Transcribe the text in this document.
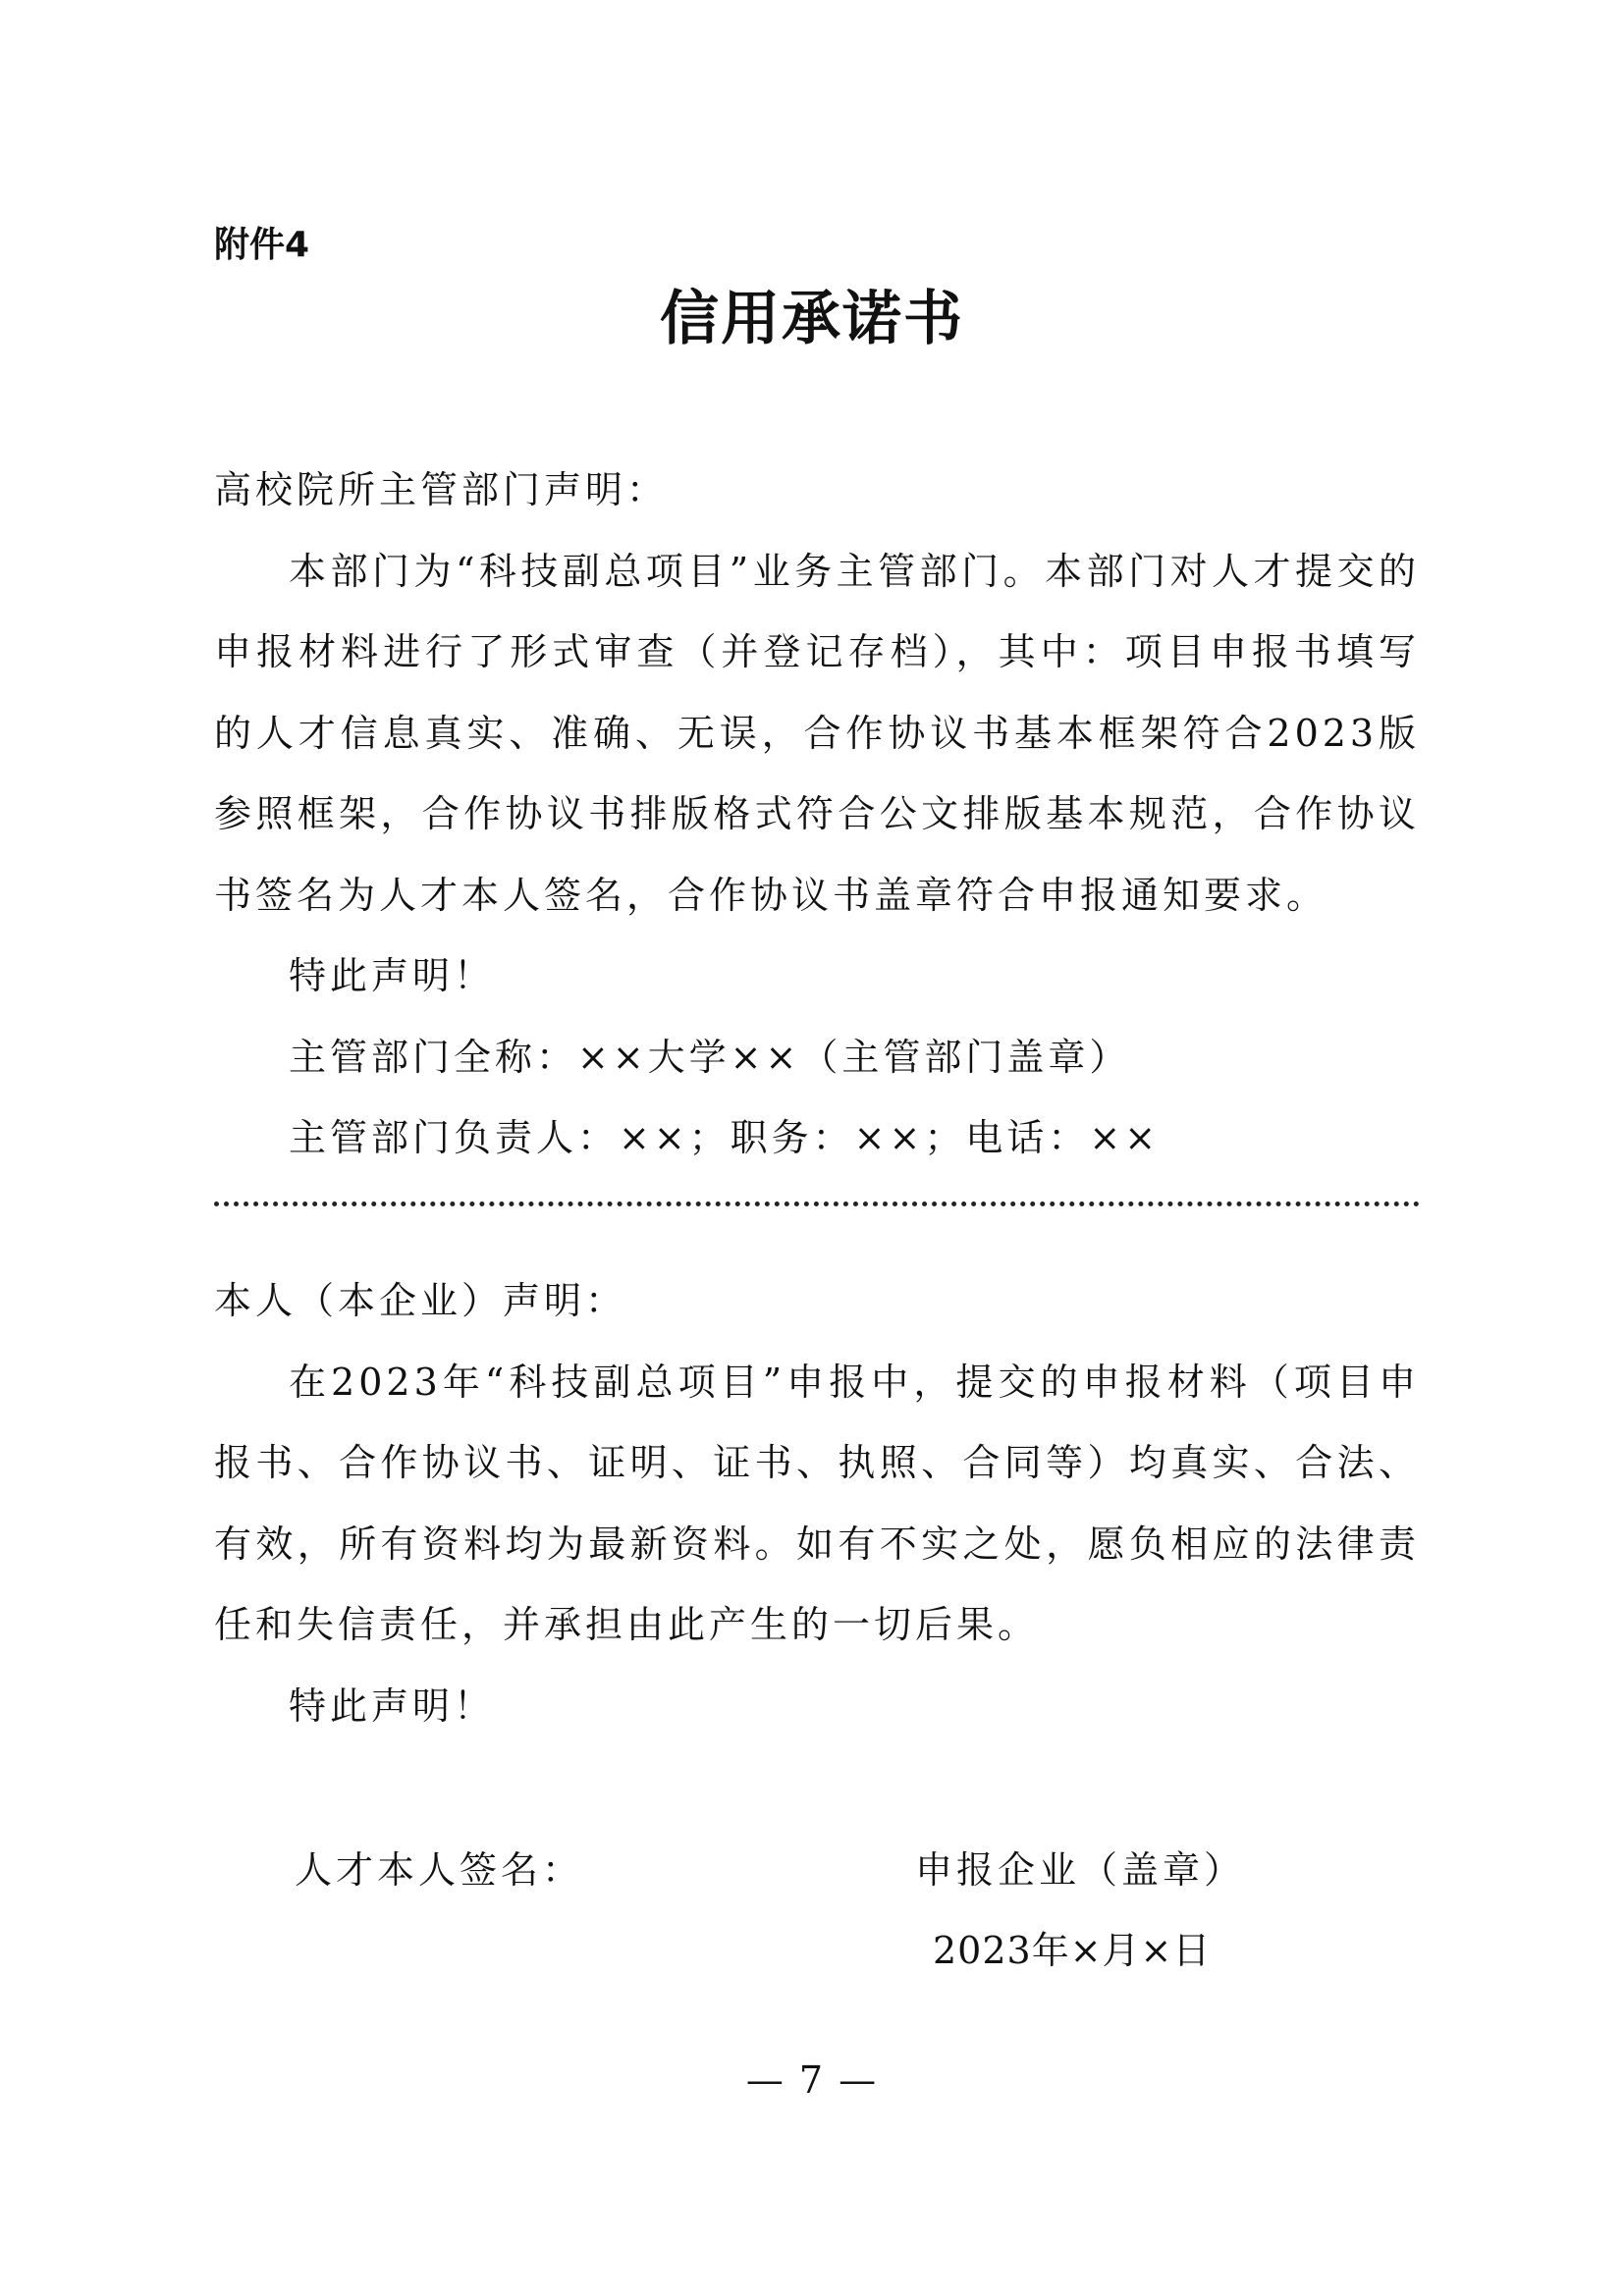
附件4
信用承诺书

高校院所主管部门声明：

本部门为“科技副总项目”业务主管部门。本部门对人才提交的申报材料进行了形式审查（并登记存档），其中：项目申报书填写的人才信息真实、准确、无误，合作协议书基本框架符合2023版参照框架，合作协议书排版格式符合公文排版基本规范，合作协议书签名为人才本人签名，合作协议书盖章符合申报通知要求。

特此声明！

主管部门全称：××大学××（主管部门盖章）

主管部门负责人：××；职务：××；电话：××

本人（本企业）声明：

在2023年“科技副总项目”申报中，提交的申报材料（项目申报书、合作协议书、证明、证书、执照、合同等）均真实、合法、有效，所有资料均为最新资料。如有不实之处，愿负相应的法律责任和失信责任，并承担由此产生的一切后果。

特此声明！

人才本人签名：	申报企业（盖章）
2023年×月×日
— 7 —
